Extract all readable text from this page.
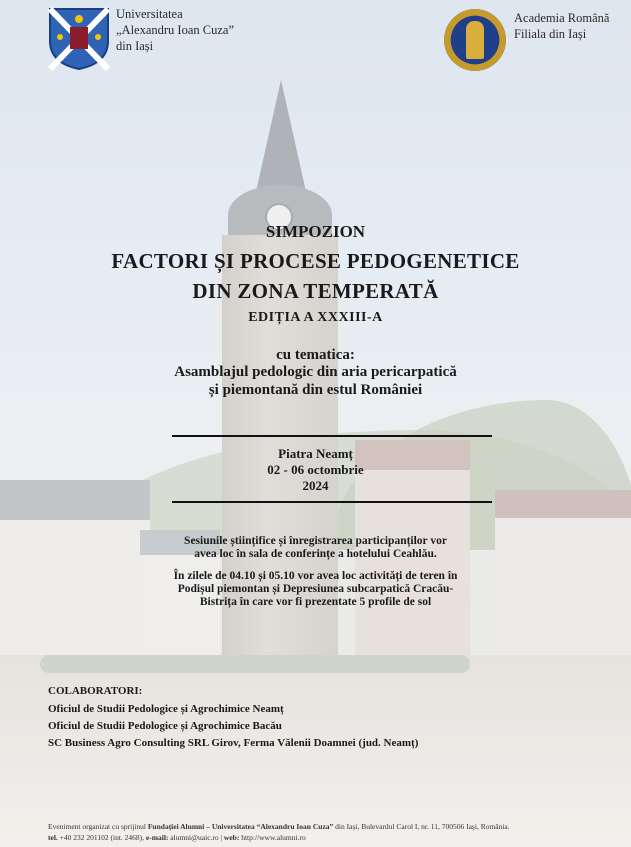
Universitatea
„Alexandru Ioan Cuza”
din Iași
Academia Română
Filiala din Iași
SIMPOZION
FACTORI ȘI PROCESE PEDOGENETICE
DIN ZONA TEMPERATĂ
EDIȚIA A XXXIII-A
cu tematica:
Asamblajul pedologic din aria pericarpatică
și piemontană din estul României
Piatra Neamț
02 - 06 octombrie
2024
Sesiunile științifice și înregistrarea participanților vor
avea loc în sala de conferințe a hotelului Ceahlău.
În zilele de 04.10 și 05.10 vor avea loc activități de teren în
Podișul piemontan și Depresiunea subcarpatică Cracău-
Bistrița în care vor fi prezentate 5 profile de sol
COLABORATORI:
Oficiul de Studii Pedologice și Agrochimice Neamț
Oficiul de Studii Pedologice și Agrochimice Bacău
SC Business Agro Consulting SRL Girov, Ferma Vălenii Doamnei (jud. Neamț)
Eveniment organizat cu sprijinul Fundației Alumni – Universitatea “Alexandru Ioan Cuza” din Iași, Bulevardul Carol I, nr. 11, 700506 Iași, România.
tel. +40 232 201102 (int. 2468), e-mail: alumni@uaic.ro | web: http://www.alumni.ro
